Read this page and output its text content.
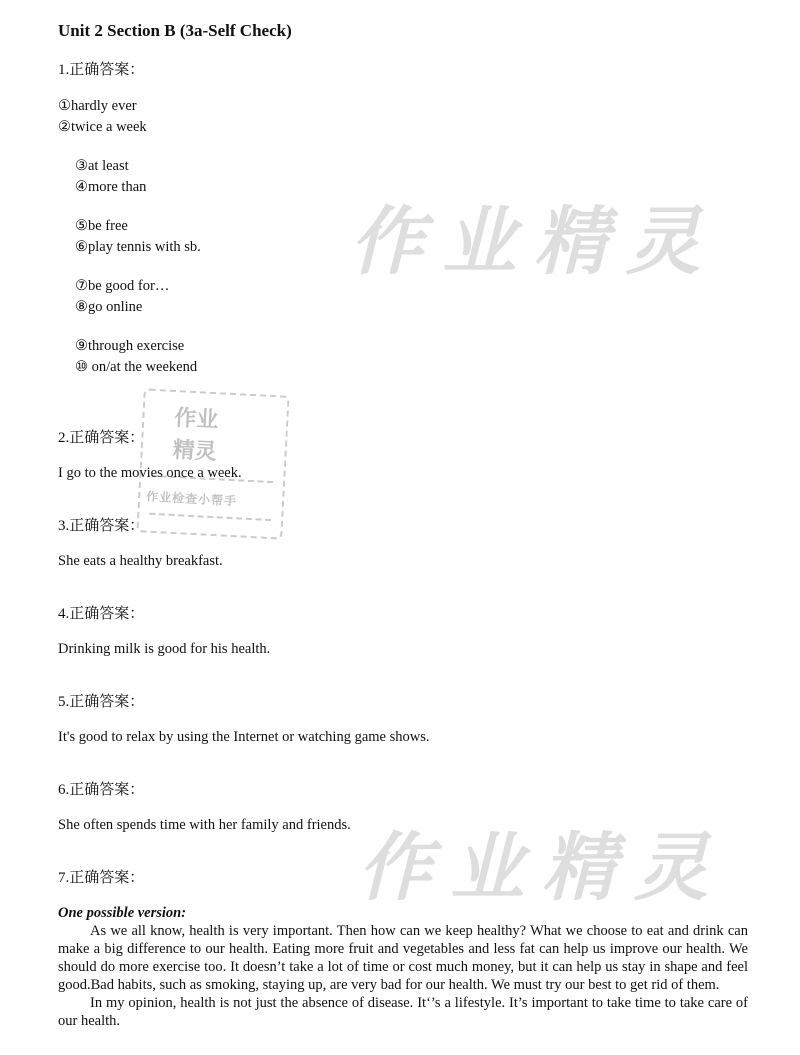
作业精灵
作业精灵
作业
精灵
作业检查小帮手
Unit 2 Section B (3a-Self Check)
1.正确答案：
①hardly ever
②twice a week
③at least
④more than
⑤be free
⑥play tennis with sb.
⑦be good for…
⑧go online
⑨through exercise
⑩ on/at the weekend
2.正确答案：
I go to the movies once a week.
3.正确答案：
She eats a healthy breakfast.
4.正确答案：
Drinking milk is good for his health.
5.正确答案：
It's good to relax by using the Internet or watching game shows.
6.正确答案：
She often spends time with her family and friends.
7.正确答案：
One possible version:

As we all know, health is very important. Then how can we keep healthy? What we choose to eat and drink can make a big difference to our health. Eating more fruit and vegetables and less fat can help us improve our health. We should do more exercise too. It doesn’t take a lot of time or cost much money, but it can help us stay in shape and feel good.Bad habits, such as smoking, staying up, are very bad for our health. We must try our best to get rid of them.

In my opinion, health is not just the absence of disease. It‘’s a lifestyle. It’s important to take time to take care of our health.
